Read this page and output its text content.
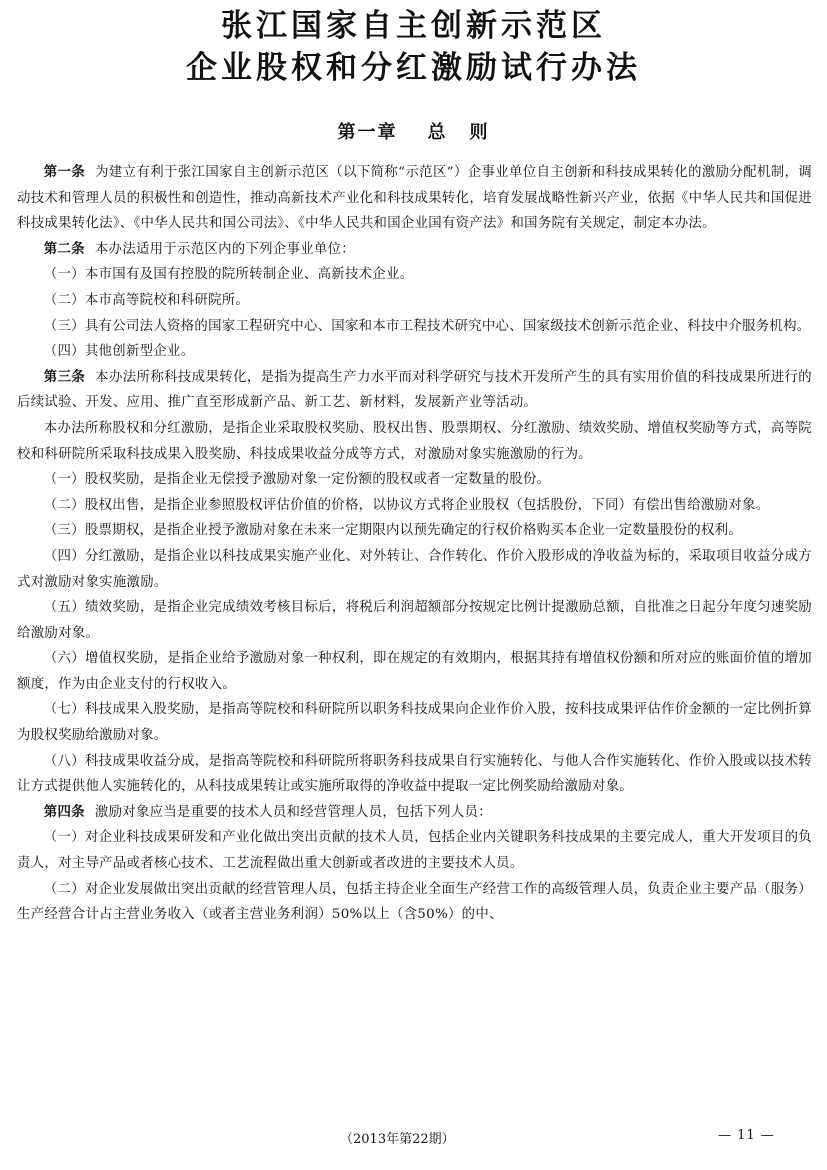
张江国家自主创新示范区
企业股权和分红激励试行办法
第一章 总 则

第一条 为建立有利于张江国家自主创新示范区（以下简称“示范区”）企事业单位自主创新和科技成果转化的激励分配机制，调动技术和管理人员的积极性和创造性，推动高新技术产业化和科技成果转化，培育发展战略性新兴产业，依据《中华人民共和国促进科技成果转化法》、《中华人民共和国公司法》、《中华人民共和国企业国有资产法》和国务院有关规定，制定本办法。

第二条 本办法适用于示范区内的下列企事业单位：

（一）本市国有及国有控股的院所转制企业、高新技术企业。

（二）本市高等院校和科研院所。

（三）具有公司法人资格的国家工程研究中心、国家和本市工程技术研究中心、国家级技术创新示范企业、科技中介服务机构。

（四）其他创新型企业。

第三条 本办法所称科技成果转化，是指为提高生产力水平而对科学研究与技术开发所产生的具有实用价值的科技成果所进行的后续试验、开发、应用、推广直至形成新产品、新工艺、新材料，发展新产业等活动。

本办法所称股权和分红激励，是指企业采取股权奖励、股权出售、股票期权、分红激励、绩效奖励、增值权奖励等方式，高等院校和科研院所采取科技成果入股奖励、科技成果收益分成等方式，对激励对象实施激励的行为。

（一）股权奖励，是指企业无偿授予激励对象一定份额的股权或者一定数量的股份。

（二）股权出售，是指企业参照股权评估价值的价格，以协议方式将企业股权（包括股份，下同）有偿出售给激励对象。

（三）股票期权，是指企业授予激励对象在未来一定期限内以预先确定的行权价格购买本企业一定数量股份的权利。

（四）分红激励，是指企业以科技成果实施产业化、对外转让、合作转化、作价入股形成的净收益为标的，采取项目收益分成方式对激励对象实施激励。

（五）绩效奖励，是指企业完成绩效考核目标后，将税后利润超额部分按规定比例计提激励总额，自批准之日起分年度匀速奖励给激励对象。

（六）增值权奖励，是指企业给予激励对象一种权利，即在规定的有效期内，根据其持有增值权份额和所对应的账面价值的增加额度，作为由企业支付的行权收入。

（七）科技成果入股奖励，是指高等院校和科研院所以职务科技成果向企业作价入股，按科技成果评估作价金额的一定比例折算为股权奖励给激励对象。

（八）科技成果收益分成，是指高等院校和科研院所将职务科技成果自行实施转化、与他人合作实施转化、作价入股或以技术转让方式提供他人实施转化的，从科技成果转让或实施所取得的净收益中提取一定比例奖励给激励对象。

第四条 激励对象应当是重要的技术人员和经营管理人员，包括下列人员：

（一）对企业科技成果研发和产业化做出突出贡献的技术人员，包括企业内关键职务科技成果的主要完成人，重大开发项目的负责人，对主导产品或者核心技术、工艺流程做出重大创新或者改进的主要技术人员。

（二）对企业发展做出突出贡献的经营管理人员，包括主持企业全面生产经营工作的高级管理人员，负责企业主要产品（服务）生产经营合计占主营业务收入（或者主营业务利润）50%以上（含50%）的中、

（2013年第22期）	— 11 —
